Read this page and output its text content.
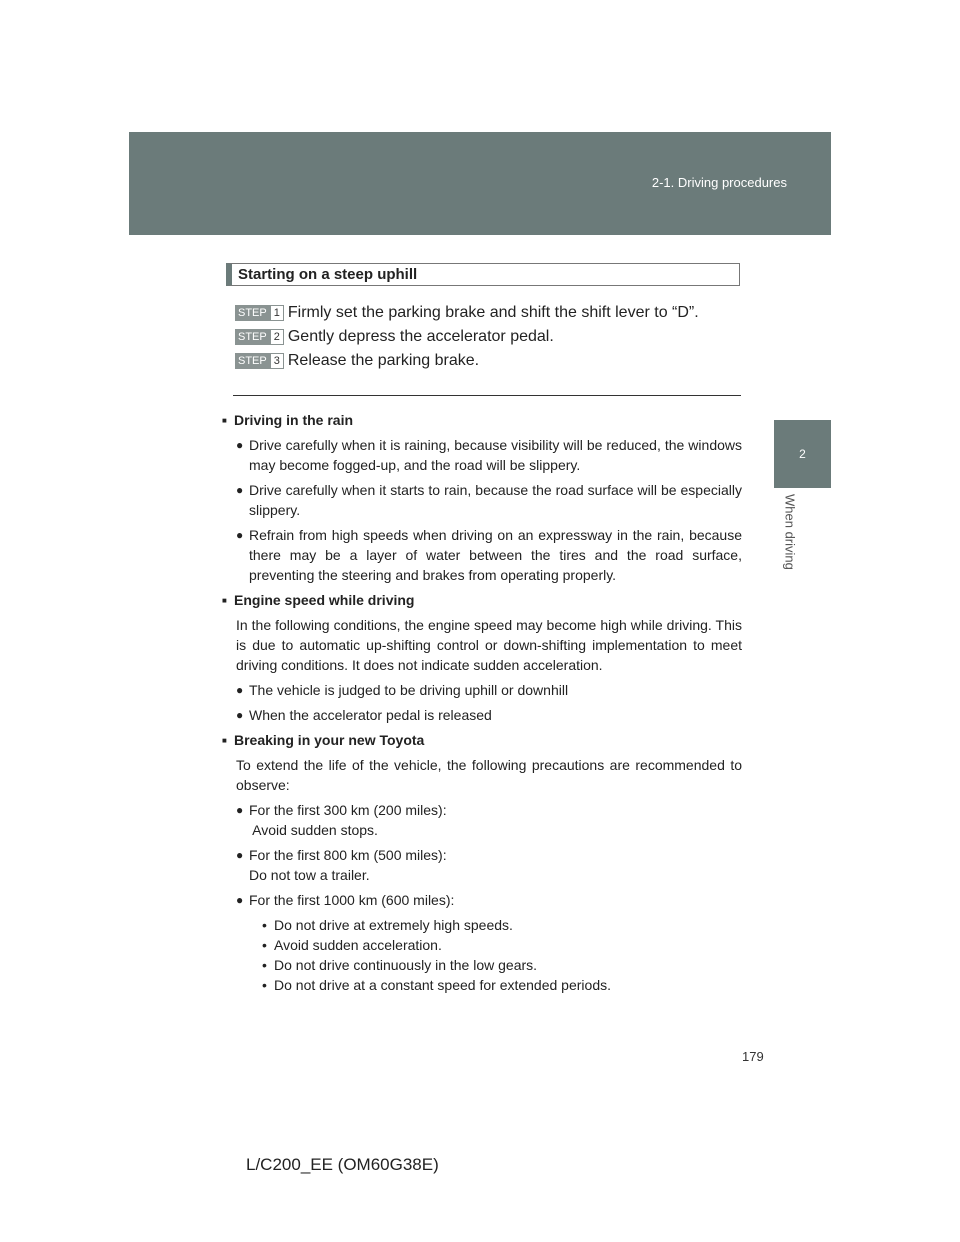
2-1. Driving procedures
2
When driving
Starting on a steep uphill
STEP 1 Firmly set the parking brake and shift the shift lever to “D”.
STEP 2 Gently depress the accelerator pedal.
STEP 3 Release the parking brake.
■ Driving in the rain
● Drive carefully when it is raining, because visibility will be reduced, the windows may become fogged-up, and the road will be slippery.
● Drive carefully when it starts to rain, because the road surface will be especially slippery.
● Refrain from high speeds when driving on an expressway in the rain, because there may be a layer of water between the tires and the road surface, preventing the steering and brakes from operating properly.
■ Engine speed while driving
In the following conditions, the engine speed may become high while driving. This is due to automatic up-shifting control or down-shifting implementation to meet driving conditions. It does not indicate sudden acceleration.
● The vehicle is judged to be driving uphill or downhill
● When the accelerator pedal is released
■ Breaking in your new Toyota
To extend the life of the vehicle, the following precautions are recommended to observe:
● For the first 300 km (200 miles):
Avoid sudden stops.
● For the first 800 km (500 miles):
Do not tow a trailer.
● For the first 1000 km (600 miles):
• Do not drive at extremely high speeds.
• Avoid sudden acceleration.
• Do not drive continuously in the low gears.
• Do not drive at a constant speed for extended periods.
179
L/C200_EE (OM60G38E)
